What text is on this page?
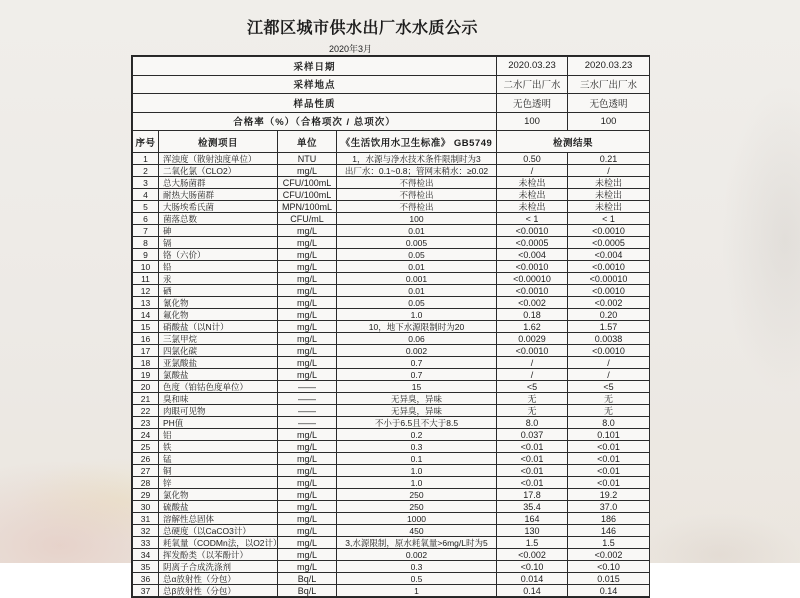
江都区城市供水出厂水水质公示
2020年3月
采样日期	2020.03.23	2020.03.23
采样地点	二水厂出厂水	三水厂出厂水
样品性质	无色透明	无色透明
合格率（%）（合格项次 / 总项次）	100	100
序号	检测项目	单位	《生活饮用水卫生标准》 GB5749	检测结果	
1	浑浊度（散射浊度单位）	NTU	1，水源与净水技术条件限制时为3	0.50	0.21
2	二氧化氯（CLO2）	mg/L	出厂水：0.1~0.8；管网末稍水：≥0.02	/	/
3	总大肠菌群	CFU/100mL	不得检出	未检出	未检出
4	耐热大肠菌群	CFU/100mL	不得检出	未检出	未检出
5	大肠埃希氏菌	MPN/100mL	不得检出	未检出	未检出
6	菌落总数	CFU/mL	100	< 1	< 1
7	砷	mg/L	0.01	<0.0010	<0.0010
8	镉	mg/L	0.005	<0.0005	<0.0005
9	铬（六价）	mg/L	0.05	<0.004	<0.004
10	铅	mg/L	0.01	<0.0010	<0.0010
11	汞	mg/L	0.001	<0.00010	<0.00010
12	硒	mg/L	0.01	<0.0010	<0.0010
13	氰化物	mg/L	0.05	<0.002	<0.002
14	氟化物	mg/L	1.0	0.18	0.20
15	硝酸盐（以N计）	mg/L	10，地下水源限制时为20	1.62	1.57
16	三氯甲烷	mg/L	0.06	0.0029	0.0038
17	四氯化碳	mg/L	0.002	<0.0010	<0.0010
18	亚氯酸盐	mg/L	0.7	/	/
19	氯酸盐	mg/L	0.7	/	/
20	色度（铂钴色度单位）	——	15	<5	<5
21	臭和味	——	无异臭，异味	无	无
22	肉眼可见物	——	无异臭，异味	无	无
23	PH值	——	不小于6.5且不大于8.5	8.0	8.0
24	铝	mg/L	0.2	0.037	0.101
25	铁	mg/L	0.3	<0.01	<0.01
26	锰	mg/L	0.1	<0.01	<0.01
27	铜	mg/L	1.0	<0.01	<0.01
28	锌	mg/L	1.0	<0.01	<0.01
29	氯化物	mg/L	250	17.8	19.2
30	硫酸盐	mg/L	250	35.4	37.0
31	溶解性总固体	mg/L	1000	164	186
32	总硬度（以CaCO3计）	mg/L	450	130	146
33	耗氧量（CODMn法，以O2计）	mg/L	3,水源限制，原水耗氧量>6mg/L时为5	1.5	1.5
34	挥发酚类（以苯酚计）	mg/L	0.002	<0.002	<0.002
35	阴离子合成洗涤剂	mg/L	0.3	<0.10	<0.10
36	总α放射性（分包）	Bq/L	0.5	0.014	0.015
37	总β放射性（分包）	Bq/L	1	0.14	0.14
